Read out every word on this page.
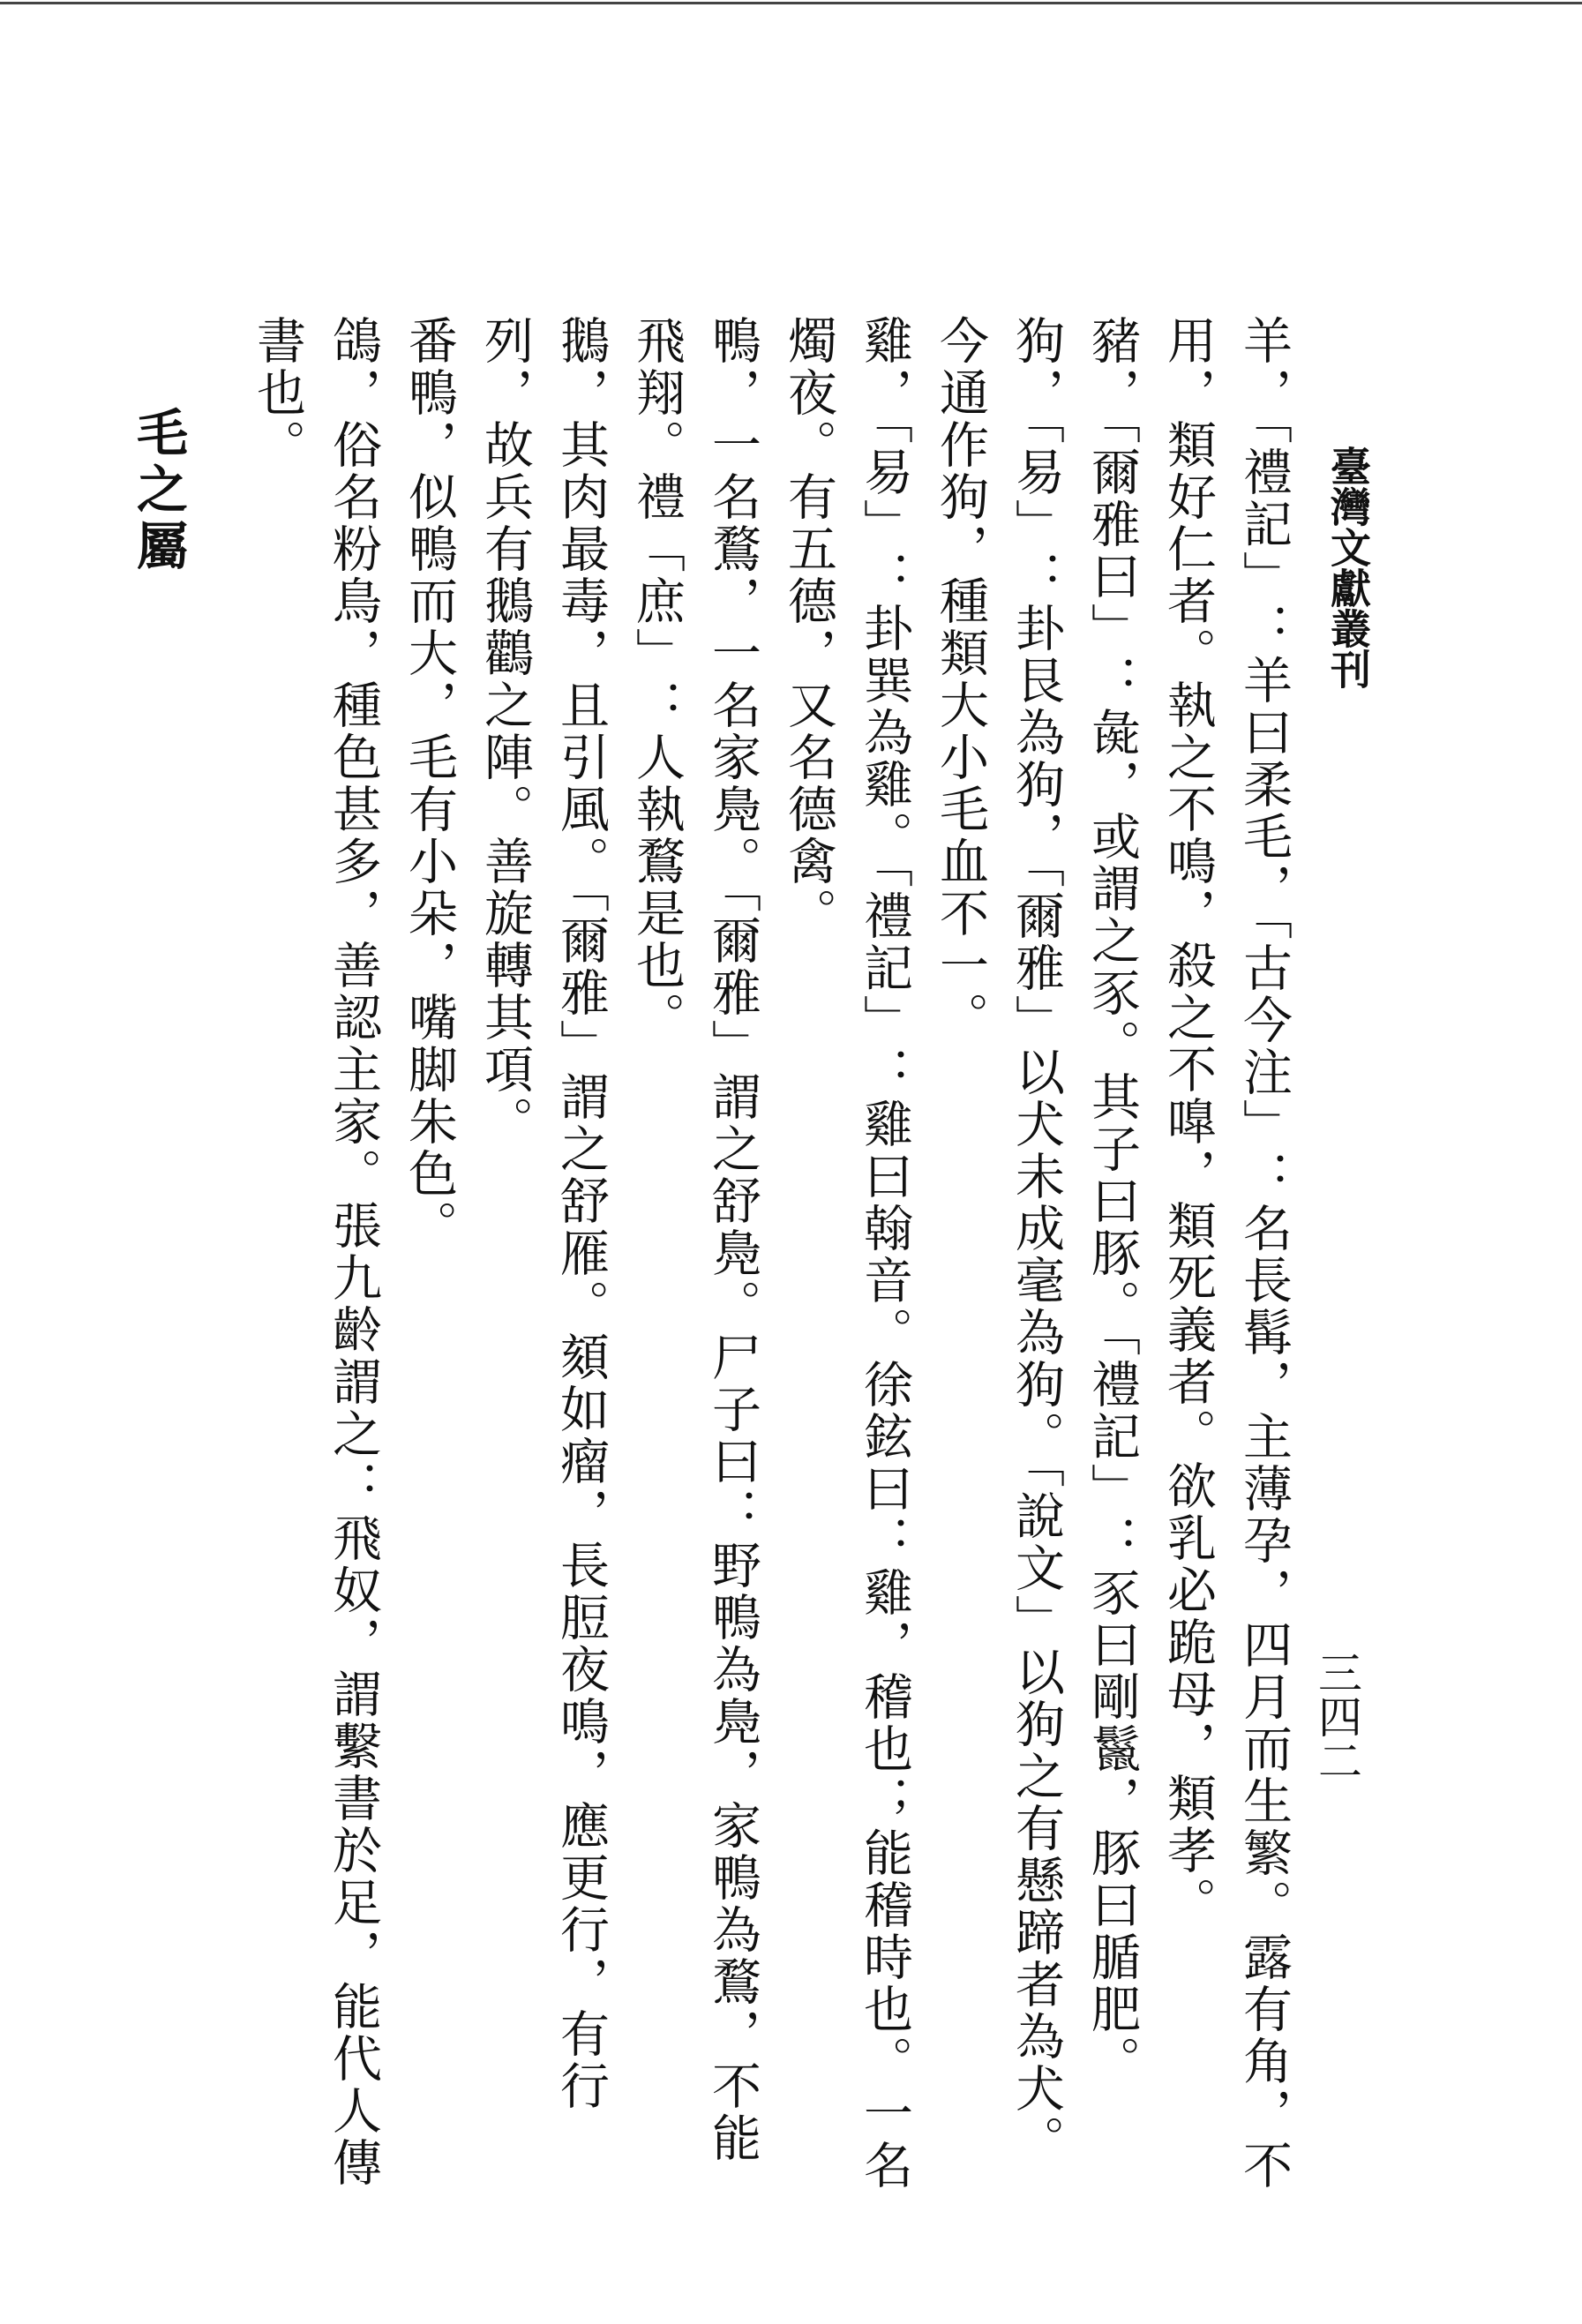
臺灣文獻叢刊
三四二

羊，「禮記」：羊曰柔毛，「古今注」：名長髯，主薄孕，四月而生繁。露有角，不用，類好仁者。執之不鳴，殺之不嘷，類死義者。欲乳必跪母，類孝。

豬，「爾雅曰」：彘，或謂之豕。其子曰豚。「禮記」：豕曰剛鬣，豚曰腯肥。

狗，「易」：卦艮為狗，「爾雅」以犬未成毫為狗。「說文」以狗之有懸蹄者為犬。今通作狗，種類大小毛血不一。

雞，「易」：卦巽為雞。「禮記」：雞曰翰音。徐鉉曰：雞，稽也；能稽時也。一名燭夜。有五德，又名德禽。

鴨，一名鶩，一名家鳧。「爾雅」謂之舒鳧。尸子曰：野鴨為鳧，家鴨為鶩，不能飛翔。禮「庶」：人執鶩是也。

鵝，其肉最毒，且引風。「爾雅」謂之舒雁。頦如瘤，長脰夜鳴，應更行，有行列，故兵有鵝鸛之陣。善旋轉其項。

番鴨，似鴨而大，毛有小朵，嘴脚朱色。

鴿，俗名粉鳥，種色甚多，善認主家。張九齡謂之：飛奴，謂繫書於足，能代人傳書也。

毛之屬
